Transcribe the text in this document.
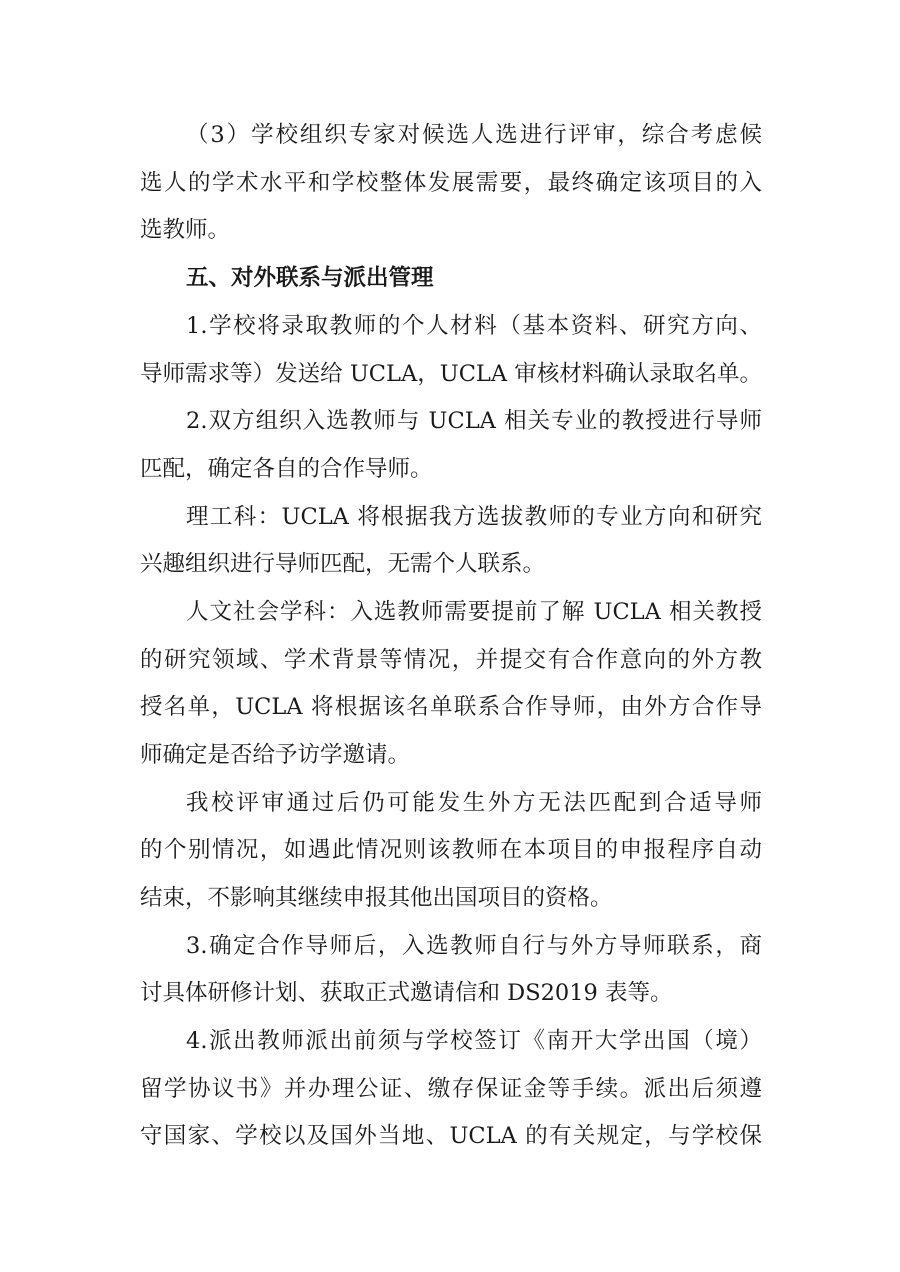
（3）学校组织专家对候选人选进行评审，综合考虑候
选人的学术水平和学校整体发展需要，最终确定该项目的入
选教师。
五、对外联系与派出管理
1.学校将录取教师的个人材料（基本资料、研究方向、
导师需求等）发送给 UCLA，UCLA 审核材料确认录取名单。
2.双方组织入选教师与 UCLA 相关专业的教授进行导师
匹配，确定各自的合作导师。
理工科：UCLA 将根据我方选拔教师的专业方向和研究
兴趣组织进行导师匹配，无需个人联系。
人文社会学科：入选教师需要提前了解 UCLA 相关教授
的研究领域、学术背景等情况，并提交有合作意向的外方教
授名单，UCLA 将根据该名单联系合作导师，由外方合作导
师确定是否给予访学邀请。
我校评审通过后仍可能发生外方无法匹配到合适导师
的个别情况，如遇此情况则该教师在本项目的申报程序自动
结束，不影响其继续申报其他出国项目的资格。
3.确定合作导师后，入选教师自行与外方导师联系，商
讨具体研修计划、获取正式邀请信和 DS2019 表等。
4.派出教师派出前须与学校签订《南开大学出国（境）
留学协议书》并办理公证、缴存保证金等手续。派出后须遵
守国家、学校以及国外当地、UCLA 的有关规定，与学校保
